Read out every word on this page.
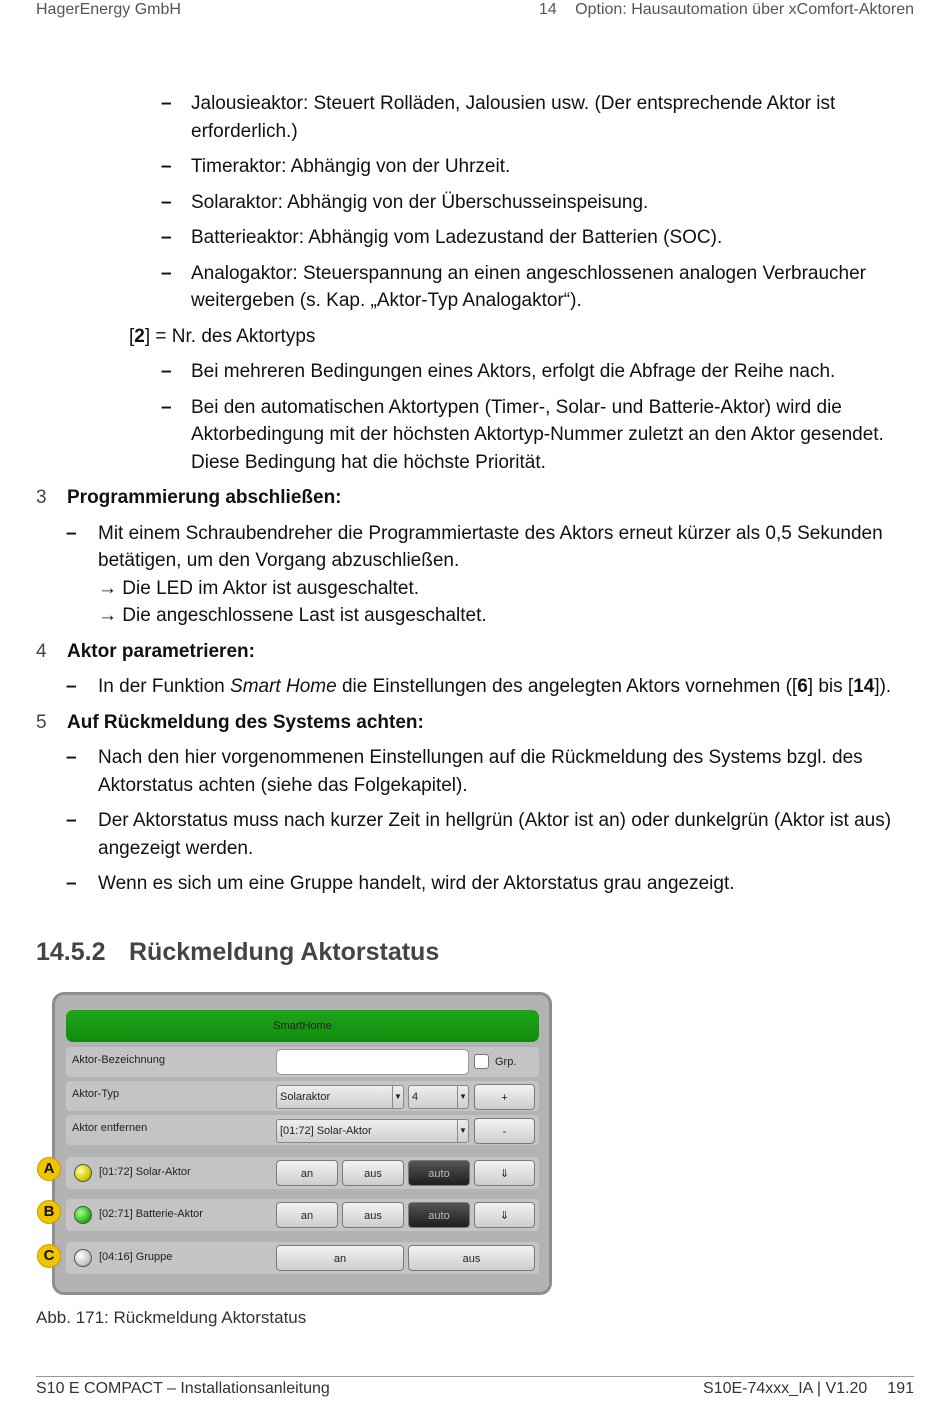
HagerEnergy GmbH	14 Option: Hausautomation über xComfort-Aktoren
– Jalousieaktor: Steuert Rolläden, Jalousien usw. (Der entsprechende Aktor ist erforderlich.)
– Timeraktor: Abhängig von der Uhrzeit.
– Solaraktor: Abhängig von der Überschusseinspeisung.
– Batterieaktor: Abhängig vom Ladezustand der Batterien (SOC).
– Analogaktor: Steuerspannung an einen angeschlossenen analogen Verbraucher weitergeben (s. Kap. „Aktor-Typ Analogaktor“).
[2] = Nr. des Aktortyps
– Bei mehreren Bedingungen eines Aktors, erfolgt die Abfrage der Reihe nach.
– Bei den automatischen Aktortypen (Timer-, Solar- und Batterie-Aktor) wird die Aktorbedingung mit der höchsten Aktortyp-Nummer zuletzt an den Aktor gesendet. Diese Bedingung hat die höchste Priorität.
3 Programmierung abschließen:
– Mit einem Schraubendreher die Programmiertaste des Aktors erneut kürzer als 0,5 Sekunden betätigen, um den Vorgang abzuschließen.
→ Die LED im Aktor ist ausgeschaltet.
→ Die angeschlossene Last ist ausgeschaltet.
4 Aktor parametrieren:
– In der Funktion Smart Home die Einstellungen des angelegten Aktors vornehmen ([6] bis [14]).
5 Auf Rückmeldung des Systems achten:
– Nach den hier vorgenommenen Einstellungen auf die Rückmeldung des Systems bzgl. des Aktorstatus achten (siehe das Folgekapitel).
– Der Aktorstatus muss nach kurzer Zeit in hellgrün (Aktor ist an) oder dunkelgrün (Aktor ist aus) angezeigt werden.
– Wenn es sich um eine Gruppe handelt, wird der Aktorstatus grau angezeigt.
14.5.2 Rückmeldung Aktorstatus
SmartHome
Aktor-Bezeichnung	Grp.
Aktor-Typ	Solaraktor	▼ 4	▼	+
Aktor entfernen	[01:72] Solar-Aktor	▼	-
[01:72] Solar-Aktor	an	aus	auto	⇓
[02:71] Batterie-Aktor	an	aus	auto	⇓
[04:16] Gruppe	an	aus
A
B
C
Abb. 171: Rückmeldung Aktorstatus
S10 E COMPACT – Installationsanleitung	S10E-74xxx_IA | V1.20 191
